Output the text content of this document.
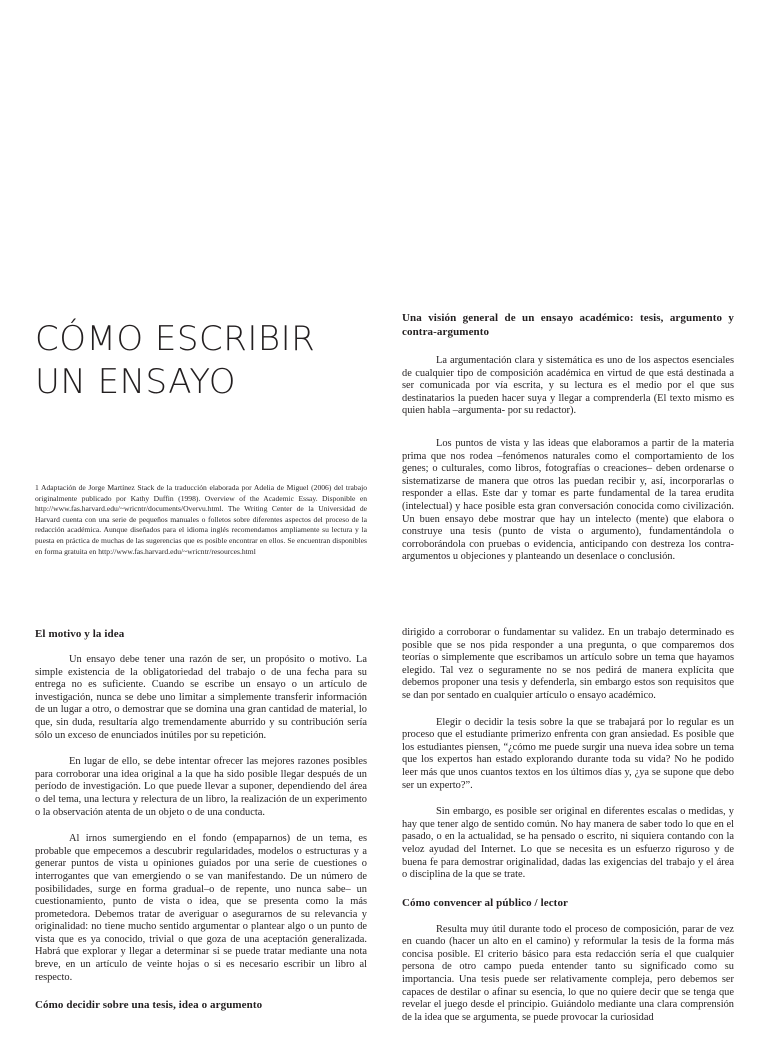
CÓMO ESCRIBIR
UN ENSAYO

1 Adaptación de Jorge Martínez Stack de la traducción elaborada por Adelia de Miguel (2006) del trabajo originalmente publicado por Kathy Duffin (1998). Overview of the Academic Essay. Disponible en http://www.fas.harvard.edu/~wricntr/documents/Overvu.html. The Writing Center de la Universidad de Harvard cuenta con una serie de pequeños manuales o folletos sobre diferentes aspectos del proceso de la redacción académica. Aunque diseñados para el idioma inglés recomendamos ampliamente su lectura y la puesta en práctica de muchas de las sugerencias que es posible encontrar en ellos. Se encuentran disponibles en forma gratuita en http://www.fas.harvard.edu/~wricntr/resources.html

Una visión general de un ensayo académico: tesis, argumento y contra-argumento

La argumentación clara y sistemática es uno de los aspectos esenciales de cualquier tipo de composición académica en virtud de que está destinada a ser comunicada por vía escrita, y su lectura es el medio por el que sus destinatarios la pueden hacer suya y llegar a comprenderla (El texto mismo es quien habla –argumenta- por su redactor).

Los puntos de vista y las ideas que elaboramos a partir de la materia prima que nos rodea –fenómenos naturales como el comportamiento de los genes; o culturales, como libros, fotografías o creaciones– deben ordenarse o sistematizarse de manera que otros las puedan recibir y, así, incorporarlas o responder a ellas. Este dar y tomar es parte fundamental de la tarea erudita (intelectual) y hace posible esta gran conversación conocida como civilización. Un buen ensayo debe mostrar que hay un intelecto (mente) que elabora o construye una tesis (punto de vista o argumento), fundamentándola o corroborándola con pruebas o evidencia, anticipando con destreza los contra-argumentos u objeciones y planteando un desenlace o conclusión.

El motivo y la idea

Un ensayo debe tener una razón de ser, un propósito o motivo. La simple existencia de la obligatoriedad del trabajo o de una fecha para su entrega no es suficiente. Cuando se escribe un ensayo o un artículo de investigación, nunca se debe uno limitar a simplemente transferir información de un lugar a otro, o demostrar que se domina una gran cantidad de material, lo que, sin duda, resultaría algo tremendamente aburrido y su contribución sería sólo un exceso de enunciados inútiles por su repetición.

En lugar de ello, se debe intentar ofrecer las mejores razones posibles para corroborar una idea original a la que ha sido posible llegar después de un período de investigación. Lo que puede llevar a suponer, dependiendo del área o del tema, una lectura y relectura de un libro, la realización de un experimento o la observación atenta de un objeto o de una conducta.

Al irnos sumergiendo en el fondo (empaparnos) de un tema, es probable que empecemos a descubrir regularidades, modelos o estructuras y a generar puntos de vista u opiniones guiados por una serie de cuestiones o interrogantes que van emergiendo o se van manifestando. De un número de posibilidades, surge en forma gradual–o de repente, uno nunca sabe– un cuestionamiento, punto de vista o idea, que se presenta como la más prometedora. Debemos tratar de averiguar o asegurarnos de su relevancia y originalidad: no tiene mucho sentido argumentar o plantear algo o un punto de vista que es ya conocido, trivial o que goza de una aceptación generalizada. Habrá que explorar y llegar a determinar si se puede tratar mediante una nota breve, en un artículo de veinte hojas o si es necesario escribir un libro al respecto.

Cómo decidir sobre una tesis, idea o argumento

dirigido a corroborar o fundamentar su validez. En un trabajo determinado es posible que se nos pida responder a una pregunta, o que comparemos dos teorías o simplemente que escribamos un artículo sobre un tema que hayamos elegido. Tal vez o seguramente no se nos pedirá de manera explícita que debemos proponer una tesis y defenderla, sin embargo estos son requisitos que se dan por sentado en cualquier artículo o ensayo académico.

Elegir o decidir la tesis sobre la que se trabajará por lo regular es un proceso que el estudiante primerizo enfrenta con gran ansiedad. Es posible que los estudiantes piensen, “¿cómo me puede surgir una nueva idea sobre un tema que los expertos han estado explorando durante toda su vida? No he podido leer más que unos cuantos textos en los últimos días y, ¿ya se supone que debo ser un experto?”.

Sin embargo, es posible ser original en diferentes escalas o medidas, y hay que tener algo de sentido común. No hay manera de saber todo lo que en el pasado, o en la actualidad, se ha pensado o escrito, ni siquiera contando con la veloz ayudad del Internet. Lo que se necesita es un esfuerzo riguroso y de buena fe para demostrar originalidad, dadas las exigencias del trabajo y el área o disciplina de la que se trate.

Cómo convencer al público / lector

Resulta muy útil durante todo el proceso de composición, parar de vez en cuando (hacer un alto en el camino) y reformular la tesis de la forma más concisa posible. El criterio básico para esta redacción sería el que cualquier persona de otro campo pueda entender tanto su significado como su importancia. Una tesis puede ser relativamente compleja, pero debemos ser capaces de destilar o afinar su esencia, lo que no quiere decir que se tenga que revelar el juego desde el principio. Guiándolo mediante una clara comprensión de la idea que se argumenta, se puede provocar la curiosidad
